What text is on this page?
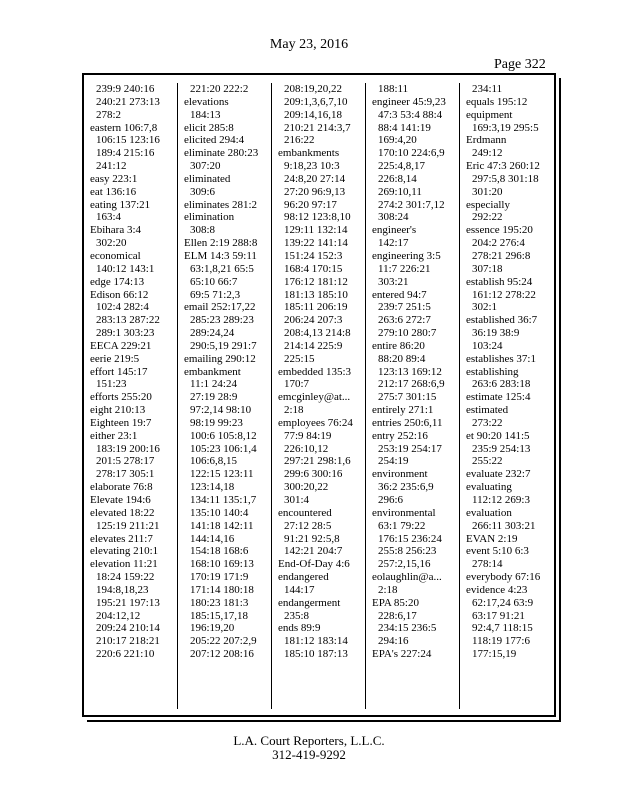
May 23, 2016
Page 322
239:9 240:16
240:21 273:13
278:2
eastern 106:7,8
106:15 123:16
189:4 215:16
241:12
easy 223:1
eat 136:16
eating 137:21
163:4
Ebihara 3:4
302:20
economical
140:12 143:1
edge 174:13
Edison 66:12
102:4 282:4
283:13 287:22
289:1 303:23
EECA 229:21
eerie 219:5
effort 145:17
151:23
efforts 255:20
eight 210:13
Eighteen 19:7
either 23:1
183:19 200:16
201:5 278:17
278:17 305:1
elaborate 76:8
Elevate 194:6
elevated 18:22
125:19 211:21
elevates 211:7
elevating 210:1
elevation 11:21
18:24 159:22
194:8,18,23
195:21 197:13
204:12,12
209:24 210:14
210:17 218:21
220:6 221:10
221:20 222:2
elevations
184:13
elicit 285:8
elicited 294:4
eliminate 280:23
307:20
eliminated
309:6
eliminates 281:2
elimination
308:8
Ellen 2:19 288:8
ELM 14:3 59:11
63:1,8,21 65:5
65:10 66:7
69:5 71:2,3
email 252:17,22
285:23 289:23
289:24,24
290:5,19 291:7
emailing 290:12
embankment
11:1 24:24
27:19 28:9
97:2,14 98:10
98:19 99:23
100:6 105:8,12
105:23 106:1,4
106:6,8,15
122:15 123:11
123:14,18
134:11 135:1,7
135:10 140:4
141:18 142:11
144:14,16
154:18 168:6
168:10 169:13
170:19 171:9
171:14 180:18
180:23 181:3
185:15,17,18
196:19,20
205:22 207:2,9
207:12 208:16
208:19,20,22
209:1,3,6,7,10
209:14,16,18
210:21 214:3,7
216:22
embankments
9:18,23 10:3
24:8,20 27:14
27:20 96:9,13
96:20 97:17
98:12 123:8,10
129:11 132:14
139:22 141:14
151:24 152:3
168:4 170:15
176:12 181:12
181:13 185:10
185:11 206:19
206:24 207:3
208:4,13 214:8
214:14 225:9
225:15
embedded 135:3
170:7
emcginley@at...
2:18
employees 76:24
77:9 84:19
226:10,12
297:21 298:1,6
299:6 300:16
300:20,22
301:4
encountered
27:12 28:5
91:21 92:5,8
142:21 204:7
End-Of-Day 4:6
endangered
144:17
endangerment
235:8
ends 89:9
181:12 183:14
185:10 187:13
188:11
engineer 45:9,23
47:3 53:4 88:4
88:4 141:19
169:4,20
170:10 224:6,9
225:4,8,17
226:8,14
269:10,11
274:2 301:7,12
308:24
engineer's
142:17
engineering 3:5
11:7 226:21
303:21
entered 94:7
239:7 251:5
263:6 272:7
279:10 280:7
entire 86:20
88:20 89:4
123:13 169:12
212:17 268:6,9
275:7 301:15
entirely 271:1
entries 250:6,11
entry 252:16
253:19 254:17
254:19
environment
36:2 235:6,9
296:6
environmental
63:1 79:22
176:15 236:24
255:8 256:23
257:2,15,16
eolaughlin@a...
2:18
EPA 85:20
228:6,17
234:15 236:5
294:16
EPA's 227:24
234:11
equals 195:12
equipment
169:3,19 295:5
Erdmann
249:12
Eric 47:3 260:12
297:5,8 301:18
301:20
especially
292:22
essence 195:20
204:2 276:4
278:21 296:8
307:18
establish 95:24
161:12 278:22
302:1
established 36:7
36:19 38:9
103:24
establishes 37:1
establishing
263:6 283:18
estimate 125:4
estimated
273:22
et 90:20 141:5
235:9 254:13
255:22
evaluate 232:7
evaluating
112:12 269:3
evaluation
266:11 303:21
EVAN 2:19
event 5:10 6:3
278:14
everybody 67:16
evidence 4:23
62:17,24 63:9
63:17 91:21
92:4,7 118:15
118:19 177:6
177:15,19
L.A. Court Reporters, L.L.C.
312-419-9292
